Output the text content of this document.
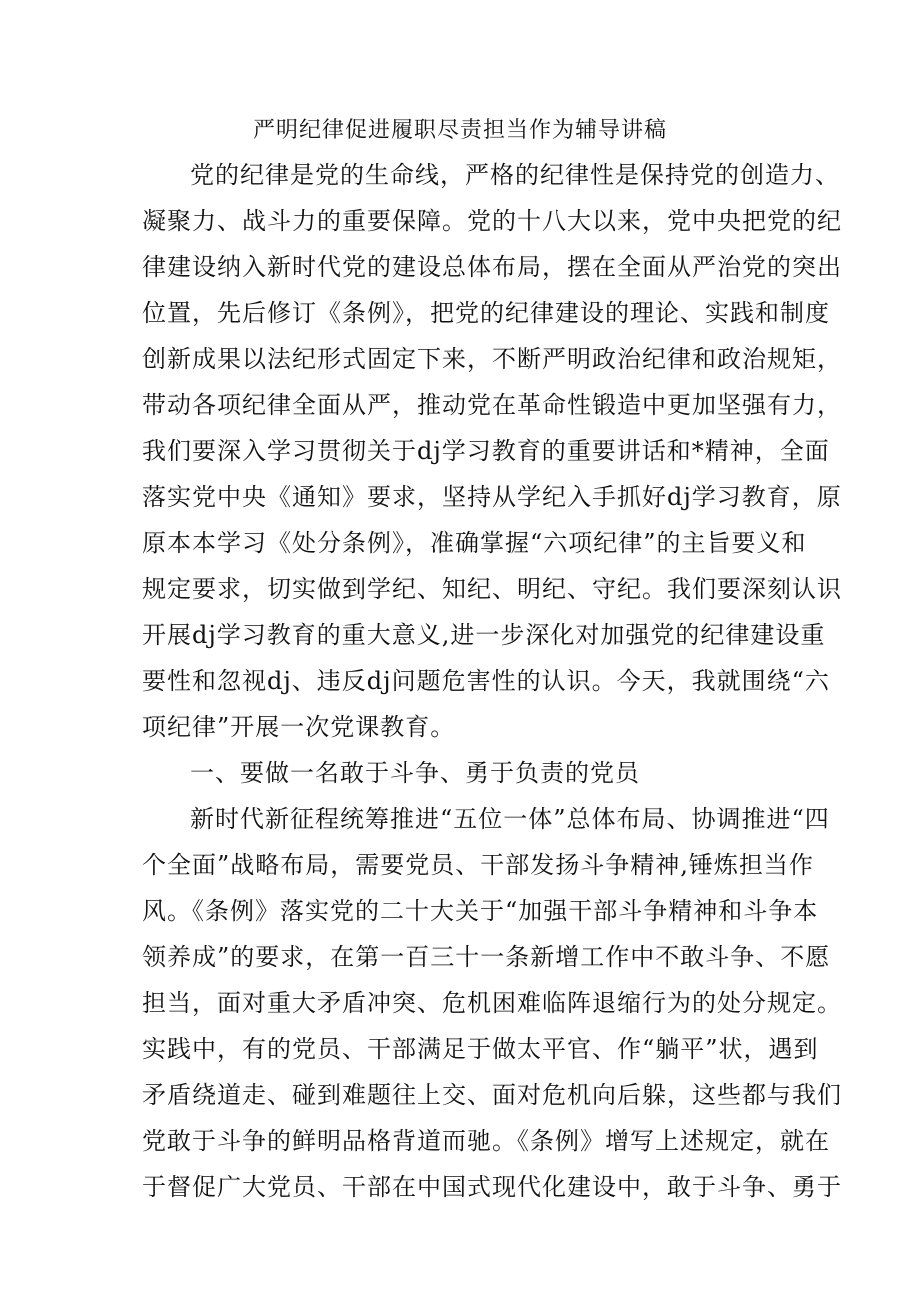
严明纪律促进履职尽责担当作为辅导讲稿

党的纪律是党的生命线，严格的纪律性是保持党的创造力、

凝聚力、战斗力的重要保障。党的十八大以来，党中央把党的纪

律建设纳入新时代党的建设总体布局，摆在全面从严治党的突出

位置，先后修订《条例》，把党的纪律建设的理论、实践和制度

创新成果以法纪形式固定下来，不断严明政治纪律和政治规矩，

带动各项纪律全面从严，推动党在革命性锻造中更加坚强有力，

我们要深入学习贯彻关于dj学习教育的重要讲话和*精神，全面

落实党中央《通知》要求，坚持从学纪入手抓好dj学习教育，原

原本本学习《处分条例》，准确掌握“六项纪律”的主旨要义和

规定要求，切实做到学纪、知纪、明纪、守纪。我们要深刻认识

开展dj学习教育的重大意义,进一步深化对加强党的纪律建设重

要性和忽视dj、违反dj问题危害性的认识。今天，我就围绕“六

项纪律”开展一次党课教育。

一、要做一名敢于斗争、勇于负责的党员

新时代新征程统筹推进“五位一体”总体布局、协调推进“四

个全面”战略布局，需要党员、干部发扬斗争精神,锤炼担当作

风。《条例》落实党的二十大关于“加强干部斗争精神和斗争本

领养成”的要求，在第一百三十一条新增工作中不敢斗争、不愿

担当，面对重大矛盾冲突、危机困难临阵退缩行为的处分规定。

实践中，有的党员、干部满足于做太平官、作“躺平”状，遇到

矛盾绕道走、碰到难题往上交、面对危机向后躲，这些都与我们

党敢于斗争的鲜明品格背道而驰。《条例》增写上述规定，就在

于督促广大党员、干部在中国式现代化建设中，敢于斗争、勇于
